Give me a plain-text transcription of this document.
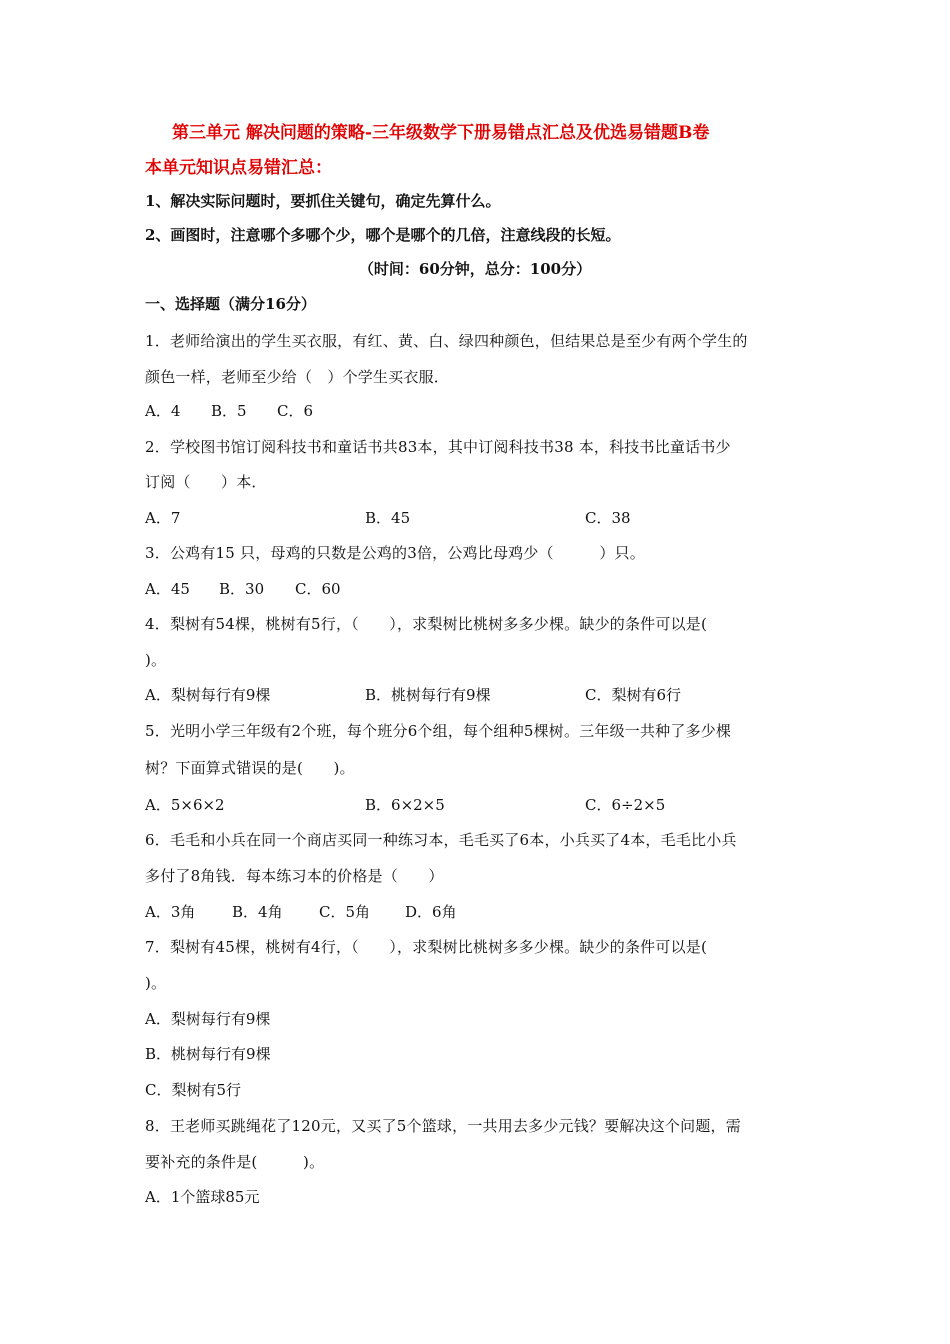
第三单元 解决问题的策略-三年级数学下册易错点汇总及优选易错题B卷
本单元知识点易错汇总：
1、解决实际问题时，要抓住关键句，确定先算什么。
2、画图时，注意哪个多哪个少，哪个是哪个的几倍，注意线段的长短。
（时间：60分钟，总分：100分）
一、选择题（满分16分）
1．老师给演出的学生买衣服，有红、黄、白、绿四种颜色，但结果总是至少有两个学生的
颜色一样，老师至少给（　）个学生买衣服．
A．4 B．5 C．6
2．学校图书馆订阅科技书和童话书共83本，其中订阅科技书38 本，科技书比童话书少
订阅（　　）本．
A．7	B．45	C．38
3．公鸡有15 只，母鸡的只数是公鸡的3倍，公鸡比母鸡少（　　　）只。
A．45 B．30 C．60
4．梨树有54棵，桃树有5行，（　　），求梨树比桃树多多少棵。缺少的条件可以是(
)。
A．梨树每行有9棵	B．桃树每行有9棵	C．梨树有6行
5．光明小学三年级有2个班，每个班分6个组，每个组种5棵树。三年级一共种了多少棵
树？下面算式错误的是(　　)。
A．5×6×2	B．6×2×5	C．6÷2×5
6．毛毛和小兵在同一个商店买同一种练习本，毛毛买了6本，小兵买了4本，毛毛比小兵
多付了8角钱．每本练习本的价格是（　　）
A．3角 B．4角 C．5角 D．6角
7．梨树有45棵，桃树有4行，（　　），求梨树比桃树多多少棵。缺少的条件可以是(
)。
A．梨树每行有9棵
B．桃树每行有9棵
C．梨树有5行
8．王老师买跳绳花了120元，又买了5个篮球，一共用去多少元钱？要解决这个问题，需
要补充的条件是(　　　)。
A．1个篮球85元
